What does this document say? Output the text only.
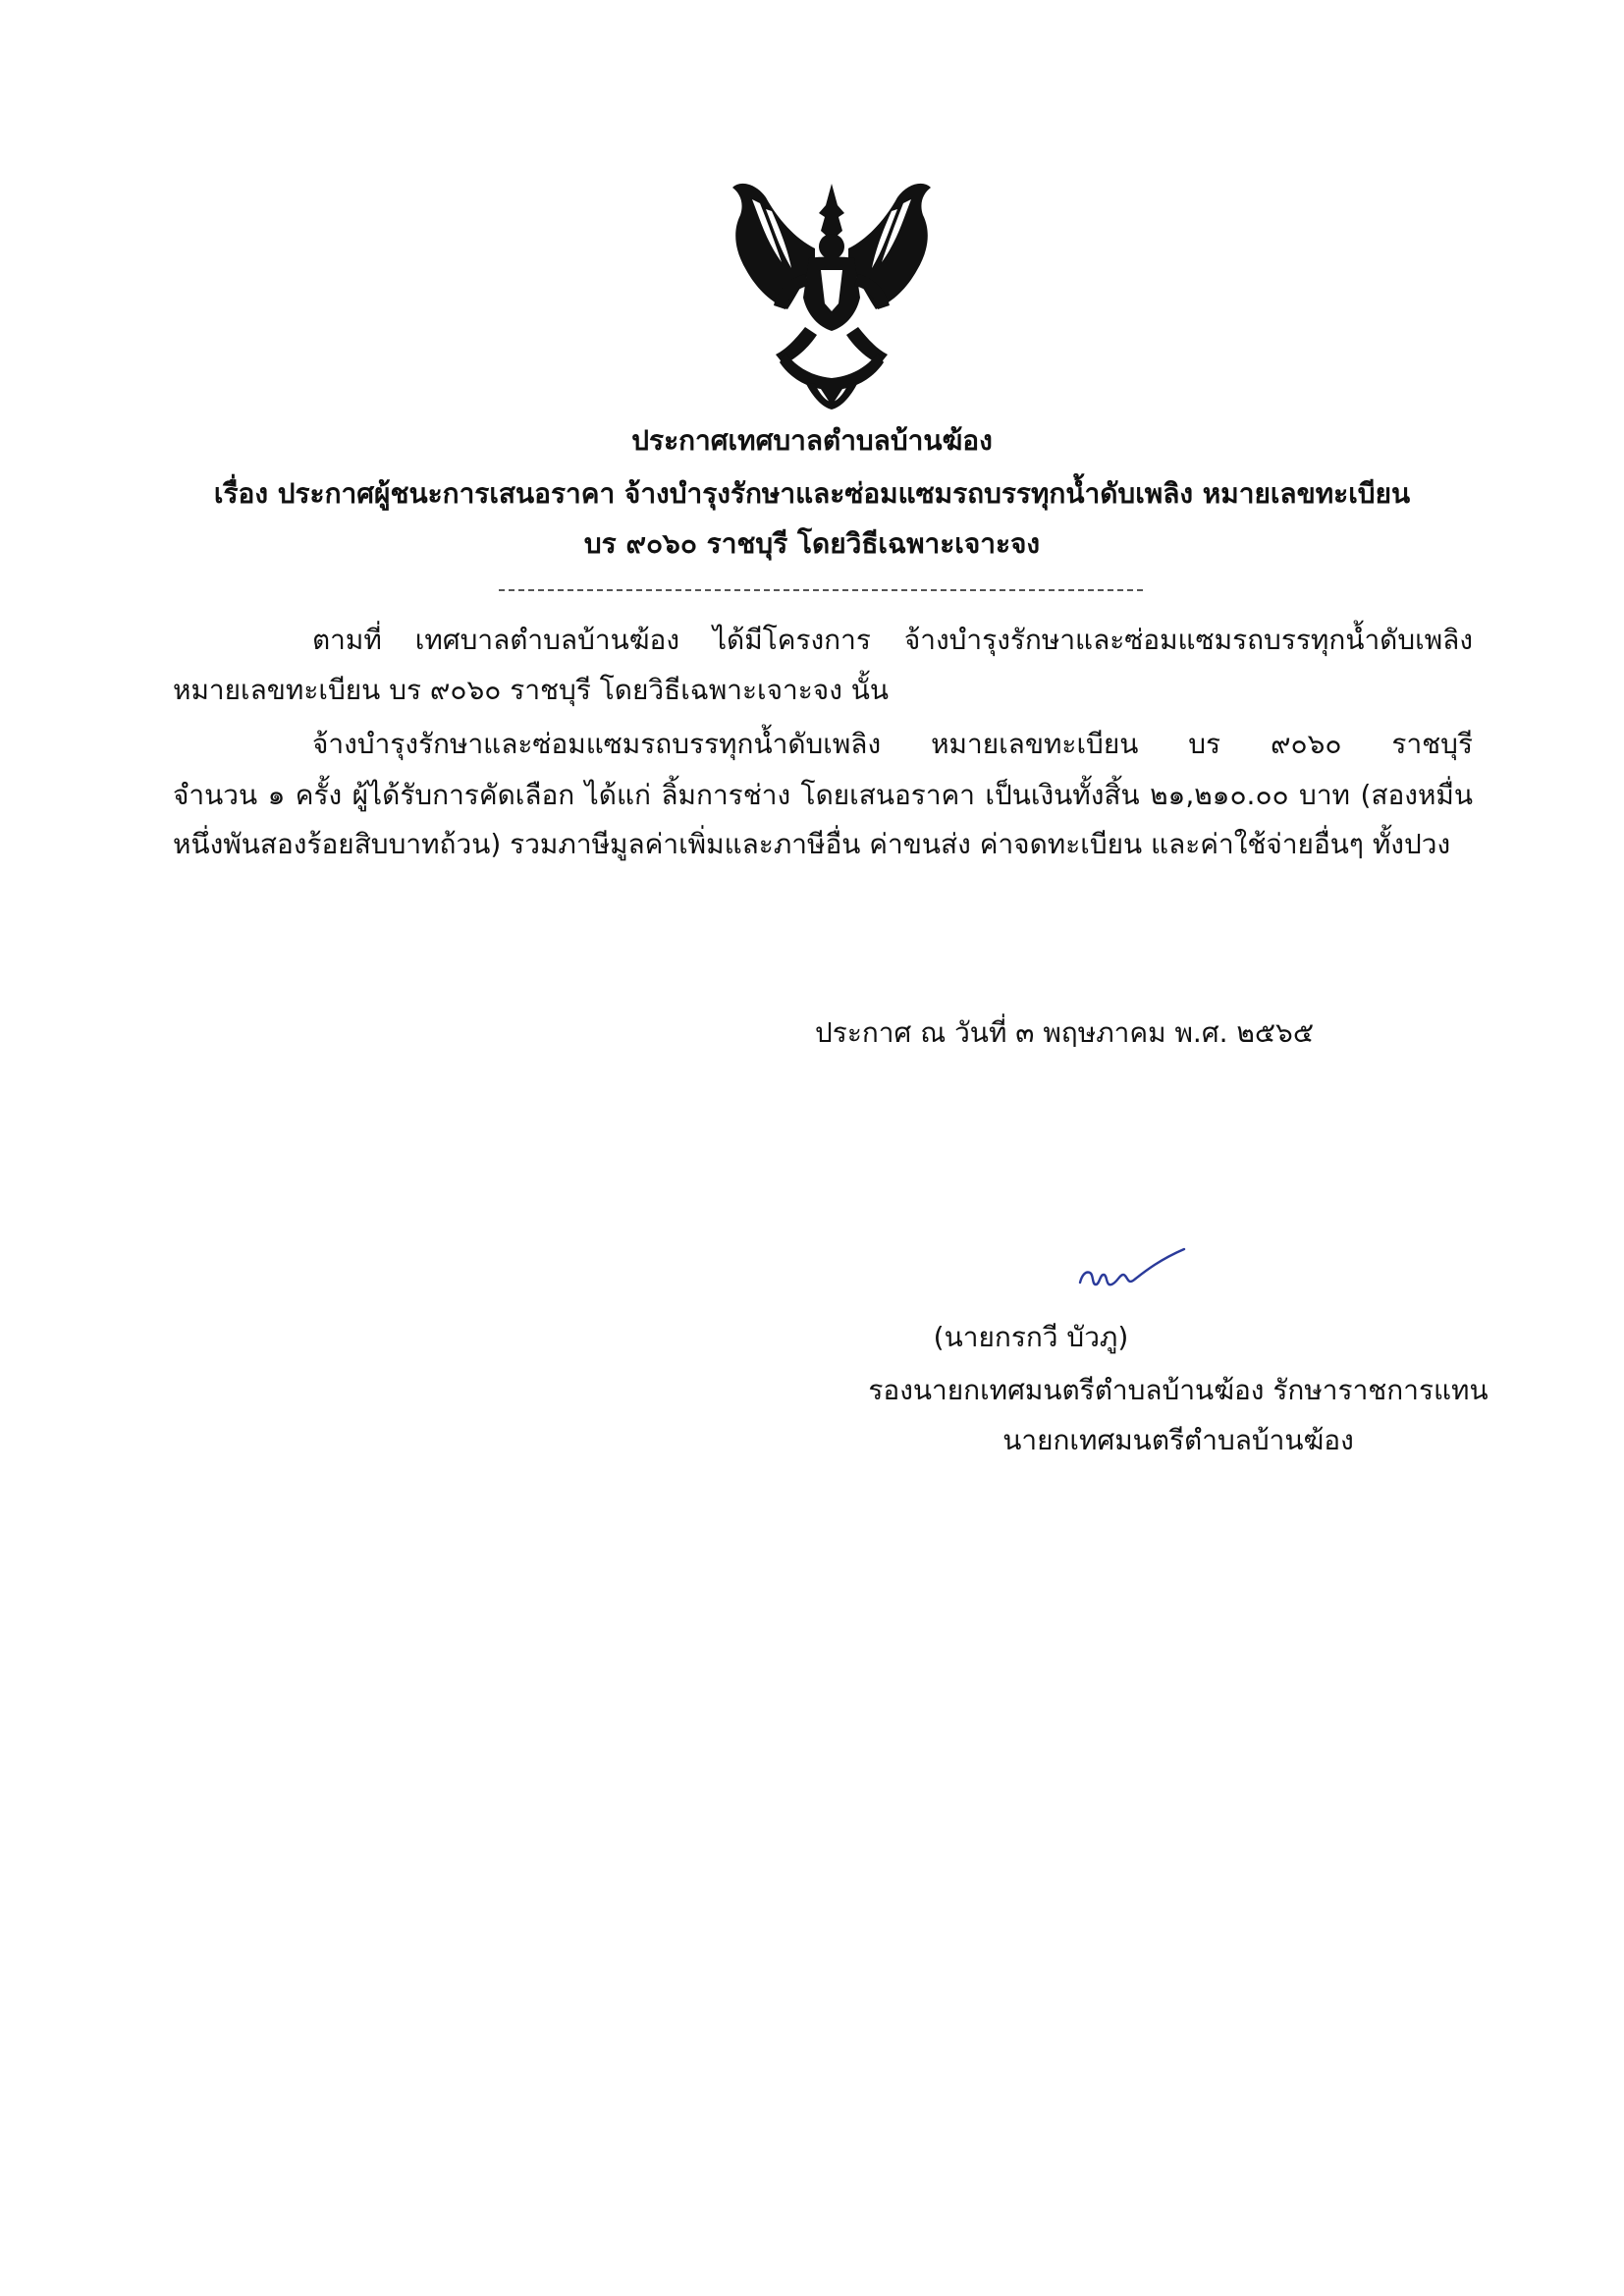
ประกาศเทศบาลตำบลบ้านฆ้อง
เรื่อง ประกาศผู้ชนะการเสนอราคา จ้างบำรุงรักษาและซ่อมแซมรถบรรทุกน้ำดับเพลิง หมายเลขทะเบียน
บร ๙๐๖๐ ราชบุรี โดยวิธีเฉพาะเจาะจง
ตามที่ เทศบาลตำบลบ้านฆ้อง ได้มีโครงการ จ้างบำรุงรักษาและซ่อมแซมรถบรรทุกน้ำดับเพลิง
หมายเลขทะเบียน บร ๙๐๖๐ ราชบุรี โดยวิธีเฉพาะเจาะจง นั้น
จ้างบำรุงรักษาและซ่อมแซมรถบรรทุกน้ำดับเพลิง หมายเลขทะเบียน บร ๙๐๖๐ ราชบุรี
จำนวน ๑ ครั้ง ผู้ได้รับการคัดเลือก ได้แก่ ลิ้มการช่าง โดยเสนอราคา เป็นเงินทั้งสิ้น ๒๑,๒๑๐.๐๐ บาท (สองหมื่น
หนึ่งพันสองร้อยสิบบาทถ้วน) รวมภาษีมูลค่าเพิ่มและภาษีอื่น ค่าขนส่ง ค่าจดทะเบียน และค่าใช้จ่ายอื่นๆ ทั้งปวง
ประกาศ ณ วันที่ ๓ พฤษภาคม พ.ศ. ๒๕๖๕
(นายกรกวี บัวภู)
รองนายกเทศมนตรีตำบลบ้านฆ้อง รักษาราชการแทน
นายกเทศมนตรีตำบลบ้านฆ้อง
